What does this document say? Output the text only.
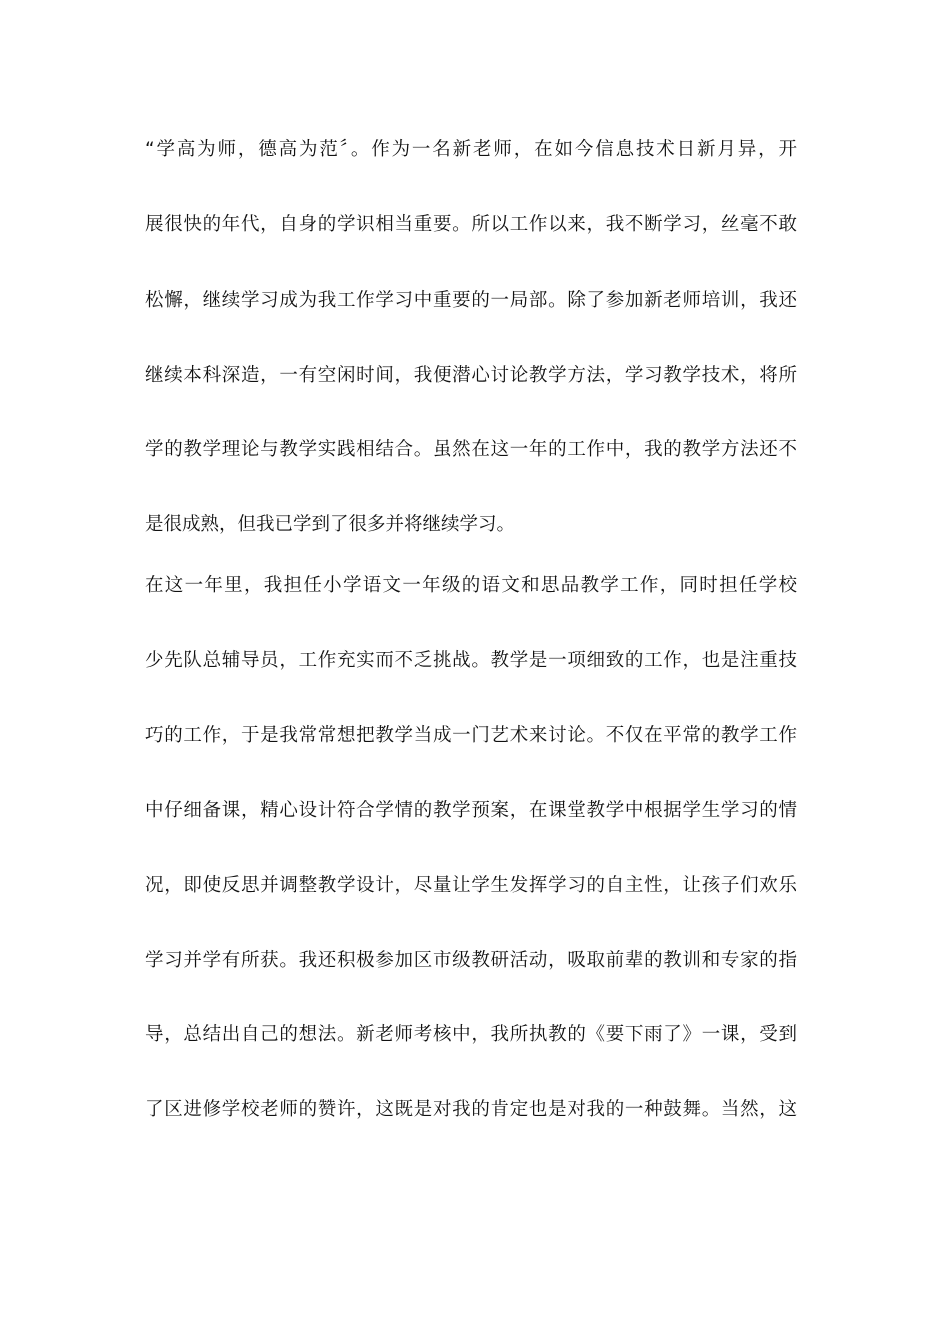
“学高为师，德高为范〞。作为一名新老师，在如今信息技术日新月异，开
展很快的年代，自身的学识相当重要。所以工作以来，我不断学习，丝毫不敢
松懈，继续学习成为我工作学习中重要的一局部。除了参加新老师培训，我还
继续本科深造，一有空闲时间，我便潜心讨论教学方法，学习教学技术，将所
学的教学理论与教学实践相结合。虽然在这一年的工作中，我的教学方法还不
是很成熟，但我已学到了很多并将继续学习。
在这一年里，我担任小学语文一年级的语文和思品教学工作，同时担任学校
少先队总辅导员，工作充实而不乏挑战。教学是一项细致的工作，也是注重技
巧的工作，于是我常常想把教学当成一门艺术来讨论。不仅在平常的教学工作
中仔细备课，精心设计符合学情的教学预案，在课堂教学中根据学生学习的情
况，即使反思并调整教学设计，尽量让学生发挥学习的自主性，让孩子们欢乐
学习并学有所获。我还积极参加区市级教研活动，吸取前辈的教训和专家的指
导，总结出自己的想法。新老师考核中，我所执教的《要下雨了》一课，受到
了区进修学校老师的赞许，这既是对我的肯定也是对我的一种鼓舞。当然，这
